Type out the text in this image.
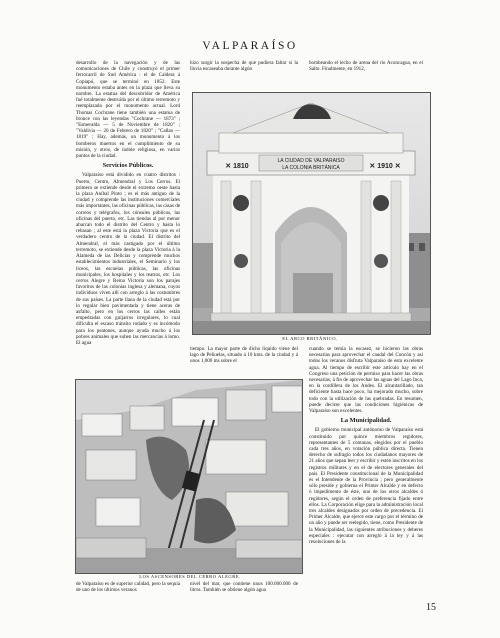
VALPARAÍSO

desarrollo de la navegación y de las comunicaciones de Chile y construyó el primer ferrocarril de Sud América : el de Caldera á Copiapó, que se terminó en 1852. Este monumento estaba antes en la plaza que lleva su nombre. La estatua del descubridor de América fué totalmente destruída por el último terremoto y reemplazada por el monumento actual. Lord Thomas Cochrane tiene también una estatua de bronce con las leyendas "Cochrane — 1873" ; "Esmeralda — 5 de Noviembre de 1820" ; "Valdivia — 20 de Febrero de 1820" ; "Callao — 1819" ; Hay, además, un monumento á los bomberos muertos en el cumplimiento de su misión, y otros, de índole religiosa, en varios puntos de la ciudad.

Servicios Públicos.

Valparaíso está dividido en cuatro distritos : Puerto, Centro, Almendral y Los Cerros. El primero se extiende desde el extremo oeste hasta la plaza Aníbal Pinto ; es el más antiguo de la ciudad y comprende las instituciones comerciales más importantes, las oficinas públicas, las casas de correos y telégrafos, los cónsules públicos, las oficinas del puerto, etc. Las tiendas al por menor abarcan todo el distrito del Centro y hasta lo rebasan ; al este está la plaza Victoria que es el verdadero centro de la ciudad. El distrito del Almendral, el más castigado por el último terremoto, se extiende desde la plaza Victoria á la Alameda de las Delicias y comprende muchos establecimientos industriales, el Seminario y los liceos, las escuelas públicas, las oficinas municipales, los hospitales y los teatros, etc. Los cerros Alegre y Reina Victoria son los parajes favoritos de las colonias inglesa y alemana, cuyos individuos viven allí con arreglo á las costumbres de sus países. La parte llana de la ciudad está por lo regular bien pavimentada y tiene aceras de asfalto, pero en los cerros las calles están empedradas con guijarros irregulares, lo cual dificulta el escaso tránsito rodado y es incómodo para los peatones, aunque ayuda mucho á los pobres animales que suben las mercancías á lomo. El agua

hizo surgir la sospecha de que pudiera faltar si la lluvia escaseaba durante algún

bombeando el lecho de arena del río Aconcagua, en el Salto. Finalmente, en 1912,

LA CIUDAD DE VALPARAISO
LA COLONIA BRITÁNICA
✕ 1810	✕ 1910 ✕
EL ARCO BRITÁNICO.

tiempo. La mayor parte de dicho líquido viene del lago de Peñuelas, situado á 10 kms. de la ciudad y á unos 1,000 ms sobre el

cuando se temía la escasez, se hicieron las obras necesarias para aprovechar el caudal del Concón y así todos los veranos disfruta Valparaíso de esta excelente agua. Al tiempo de escribir este artículo hay en el Congreso una petición de permiso para hacer las obras necesarias, á fin de aprovechar las aguas del Lago Inca, en la cordillera de los Andes. El alcantarillado, tan deficiente hasta hace poco, ha mejorado mucho, sobre todo con la utilización de las quebradas. En resumen, puede decirse que las condiciones higiénicas de Valparaíso son excelentes.

La Municipalidad.

El gobierno municipal autónomo de Valparaíso está constituido por quince miembros regidores, representantes de 5 comunas, elegidos por el pueblo cada tres años, en votación pública directa. Tienen derecho de sufragio todos los ciudadanos mayores de 21 años que sepan leer y escribir y estén inscritos en los registros militares y en el de electores generales del país. El Presidente constitucional de la Municipalidad es el Intendente de la Provincia ; pero generalmente sólo preside y gobierna el Primer Alcalde y en defecto ó impedimento de éste, uno de los otros alcaldes ó regidores, según el orden de preferencia fijado entre ellos. La Corporación elige para la administración local tres alcaldes designados por orden de precedencia. El Primer Alcalde, que ejerce este cargo por el término de un año y puede ser reelegido, tiene, como Presidente de la Municipalidad, las siguientes atribuciones y deberes especiales : ejecutar con arreglo á la ley y á las resoluciones de la

LOS ASCENSORES DEL CERRO ALEGRE.

de Valparaíso es de superior calidad, pero la sequía de uno de los últimos veranos

nivel del mar, que contiene unos 100.000.000 de litros. También se obtiene algún agua

15
